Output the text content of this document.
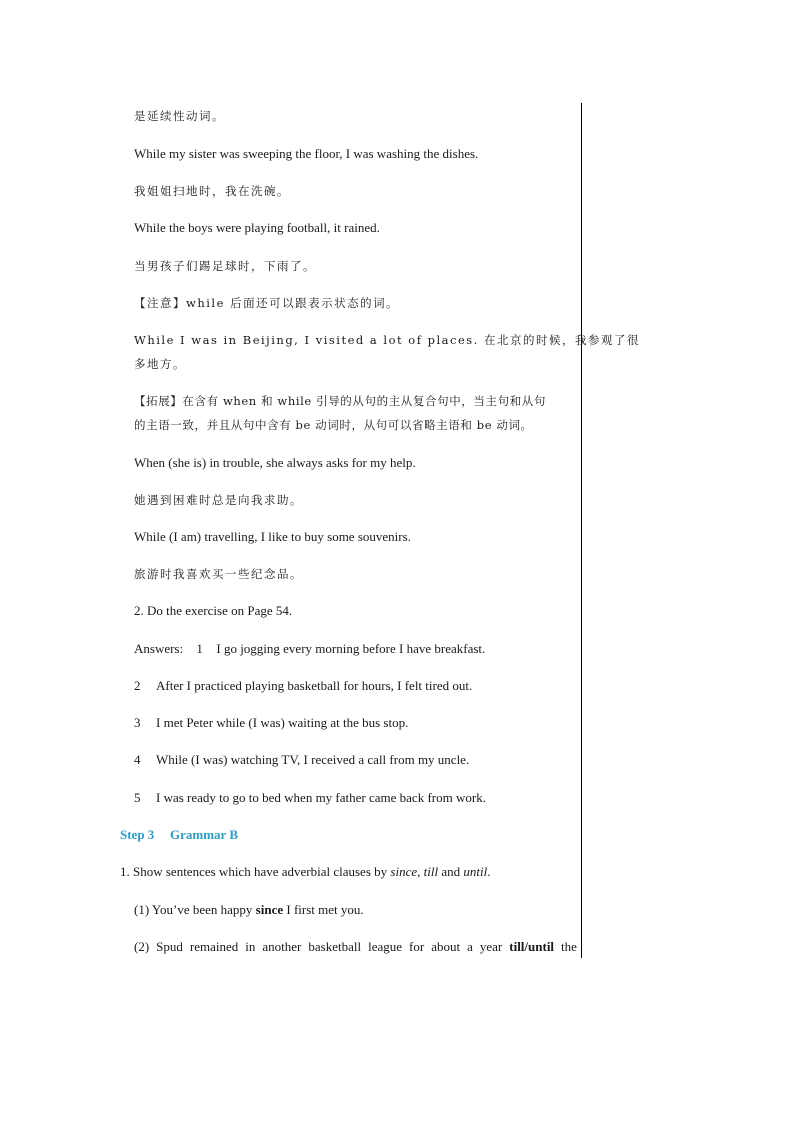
是延续性动词。
While my sister was sweeping the floor, I was washing the dishes.
我姐姐扫地时，我在洗碗。
While the boys were playing football, it rained.
当男孩子们踢足球时，下雨了。
【注意】while 后面还可以跟表示状态的词。
While I was in Beijing, I visited a lot of places. 在北京的时候，我参观了很
多地方。
【拓展】在含有 when 和 while 引导的从句的主从复合句中，当主句和从句
的主语一致，并且从句中含有 be 动词时，从句可以省略主语和 be 动词。
When (she is) in trouble, she always asks for my help.
她遇到困难时总是向我求助。
While (I am) travelling, I like to buy some souvenirs.
旅游时我喜欢买一些纪念品。
2. Do the exercise on Page 54.
Answers: 1 I go jogging every morning before I have breakfast.
2 After I practiced playing basketball for hours, I felt tired out.
3 I met Peter while (I was) waiting at the bus stop.
4 While (I was) watching TV, I received a call from my uncle.
5 I was ready to go to bed when my father came back from work.
Step 3 Grammar B
1. Show sentences which have adverbial clauses by since, till and until.
(1) You’ve been happy since I first met you.
(2) Spud remained in another basketball league for about a year till/until the
